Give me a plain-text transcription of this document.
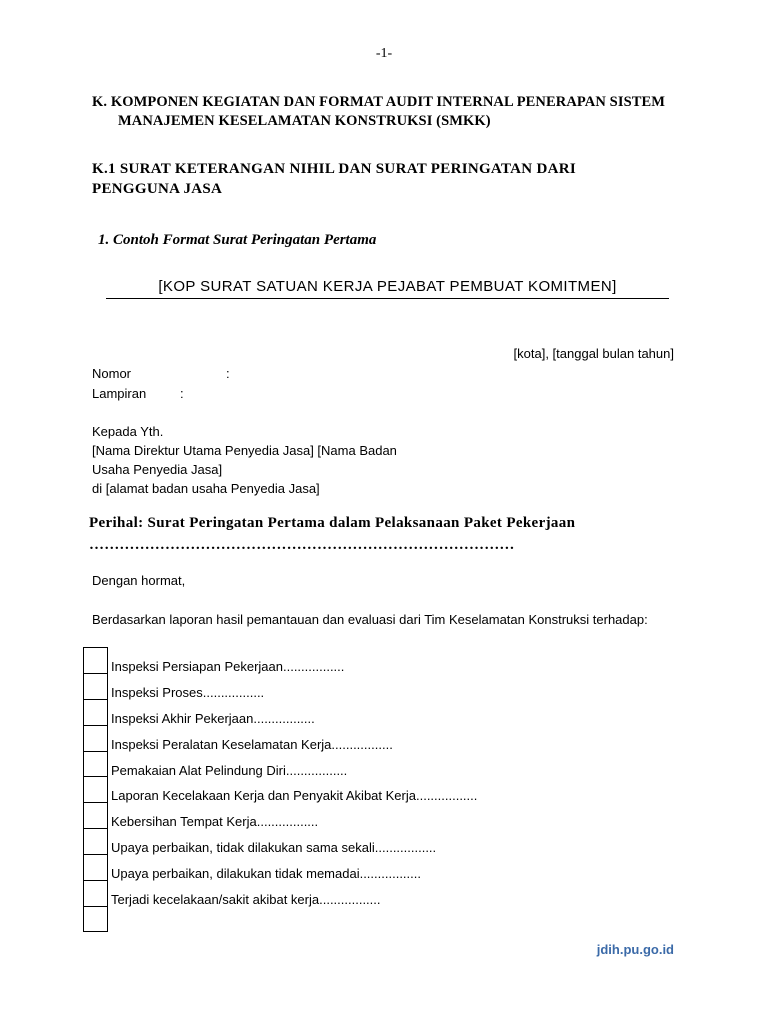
-1-
K. KOMPONEN KEGIATAN DAN FORMAT AUDIT INTERNAL PENERAPAN SISTEM
MANAJEMEN KESELAMATAN KONSTRUKSI (SMKK)
K.1 SURAT KETERANGAN NIHIL DAN SURAT PERINGATAN DARI
PENGGUNA JASA
1. Contoh Format Surat Peringatan Pertama
[KOP SURAT SATUAN KERJA PEJABAT PEMBUAT KOMITMEN]
[kota], [tanggal bulan tahun]
Nomor	:
Lampiran	:
Kepada Yth.
[Nama Direktur Utama Penyedia Jasa] [Nama Badan
Usaha Penyedia Jasa]
di [alamat badan usaha Penyedia Jasa]
Perihal: Surat Peringatan Pertama dalam Pelaksanaan Paket Pekerjaan
…………………………………………………………………………
Dengan hormat,
Berdasarkan laporan hasil pemantauan dan evaluasi dari Tim Keselamatan Konstruksi terhadap:
Inspeksi Persiapan Pekerjaan.................
Inspeksi Proses.................
Inspeksi Akhir Pekerjaan.................
Inspeksi Peralatan Keselamatan Kerja.................
Pemakaian Alat Pelindung Diri.................
Laporan Kecelakaan Kerja dan Penyakit Akibat Kerja.................
Kebersihan Tempat Kerja.................
Upaya perbaikan, tidak dilakukan sama sekali.................
Upaya perbaikan, dilakukan tidak memadai.................
Terjadi kecelakaan/sakit akibat kerja.................
jdih.pu.go.id
